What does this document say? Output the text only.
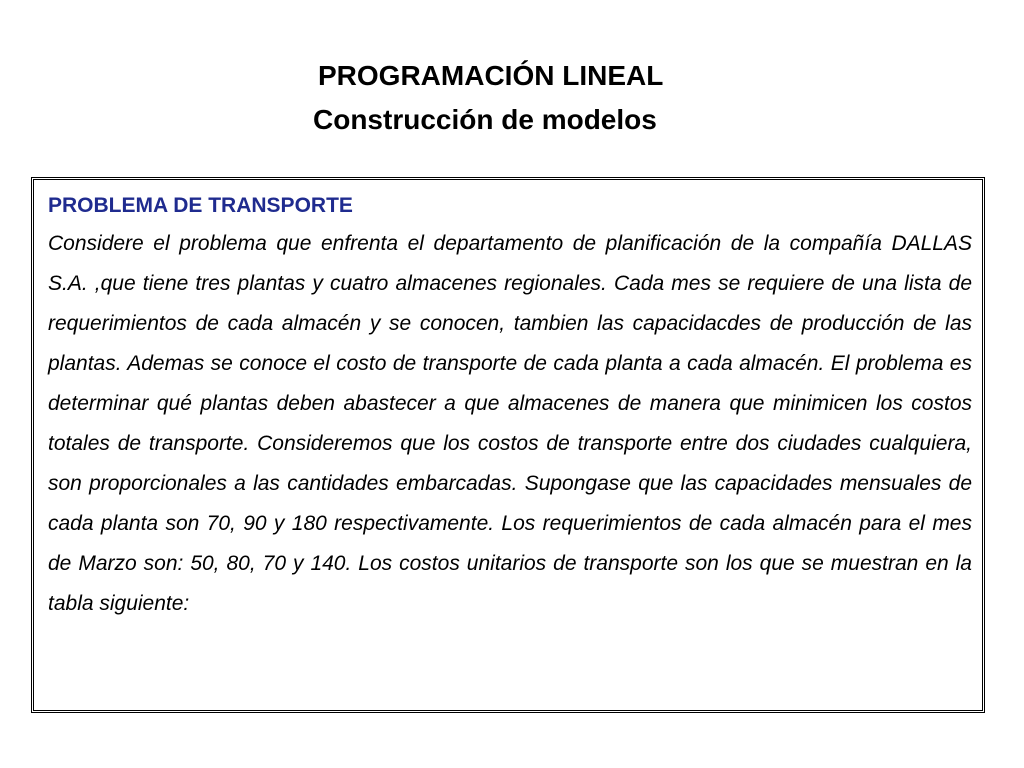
PROGRAMACIÓN LINEAL
Construcción de modelos
PROBLEMA DE TRANSPORTE

Considere el problema que enfrenta el departamento de planificación de la compañía DALLAS S.A. ,que tiene tres plantas y cuatro almacenes regionales. Cada mes se requiere de una lista de requerimientos de cada almacén y se conocen, tambien las capacidacdes de producción de las plantas. Ademas se conoce el costo de transporte de cada planta a cada almacén. El problema es determinar qué plantas deben abastecer a que almacenes de manera que minimicen los costos totales de transporte. Consideremos que los costos de transporte entre dos ciudades cualquiera, son proporcionales a las cantidades embarcadas. Supongase que las capacidades mensuales de cada planta son 70, 90 y 180 respectivamente. Los requerimientos de cada almacén para el mes de Marzo son: 50, 80, 70 y 140. Los costos unitarios de transporte son los que se muestran en la tabla siguiente:
